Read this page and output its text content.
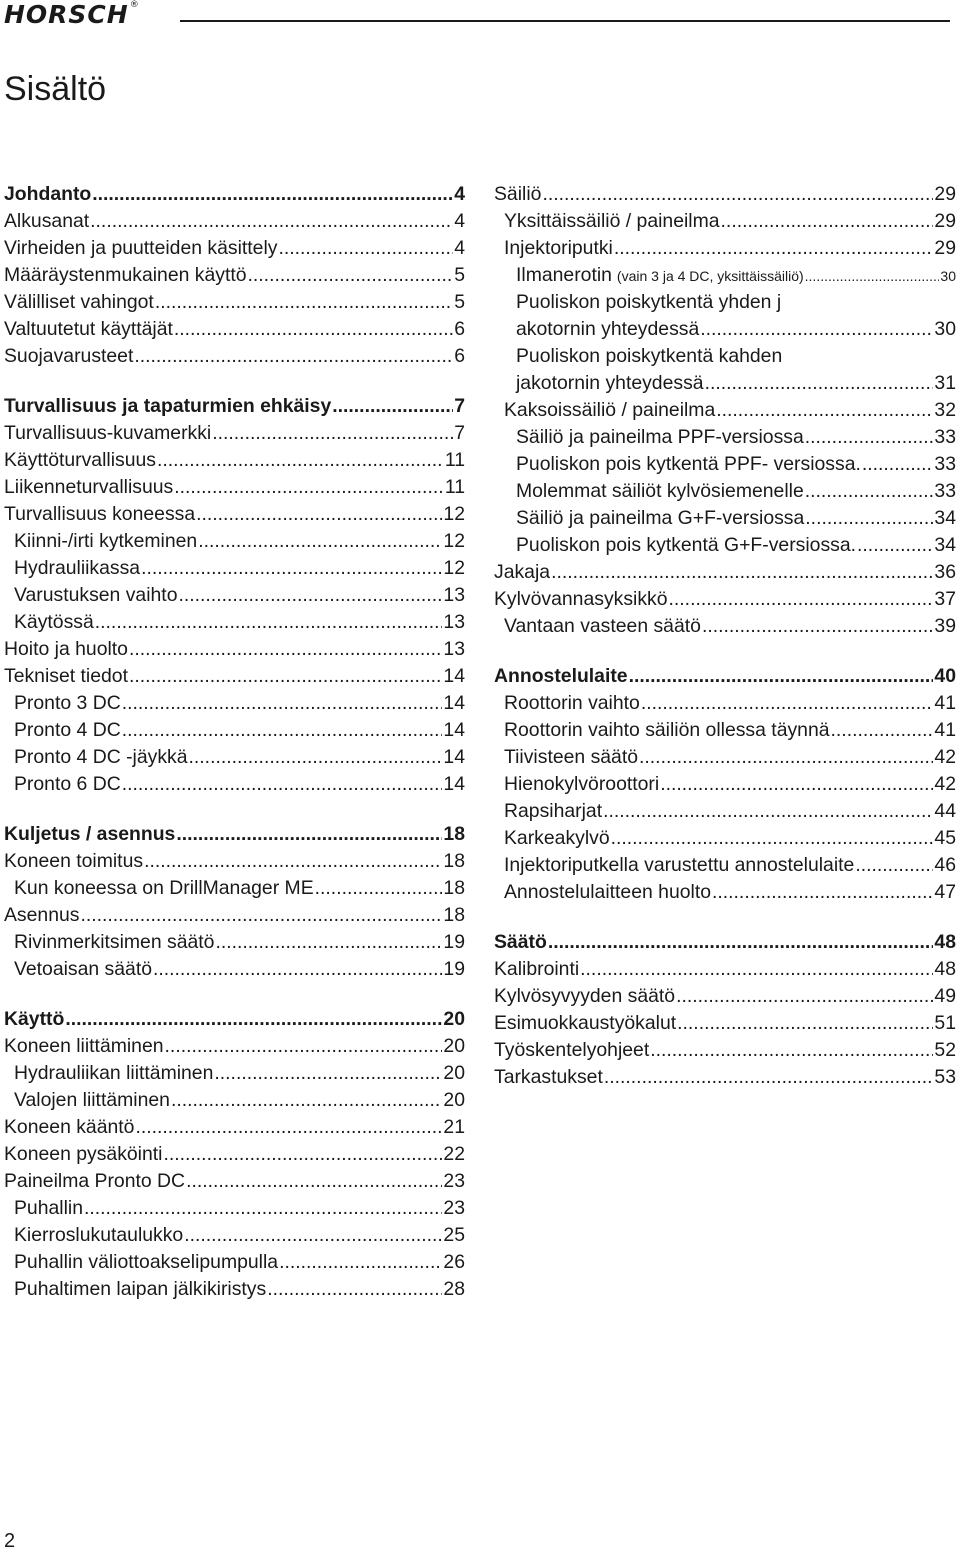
HORSCH®
Sisältö
Johdanto .....	4
Alkusanat .....	4
Virheiden ja puutteiden käsittely .....	4
Määräystenmukainen käyttö .....	5
Välilliset vahingot .....	5
Valtuutetut käyttäjät .....	6
Suojavarusteet .....	6
Turvallisuus ja tapaturmien ehkäisy .....	7
Turvallisuus-kuvamerkki .....	7
Käyttöturvallisuus .....	11
Liikenneturvallisuus .....	11
Turvallisuus koneessa .....	12
Kiinni-/irti kytkeminen .....	12
Hydrauliikassa .....	12
Varustuksen vaihto .....	13
Käytössä .....	13
Hoito ja huolto .....	13
Tekniset tiedot .....	14
Pronto 3 DC .....	14
Pronto 4 DC .....	14
Pronto 4 DC -jäykkä .....	14
Pronto 6 DC .....	14
Kuljetus / asennus .....	18
Koneen toimitus .....	18
Kun koneessa on DrillManager ME .....	18
Asennus .....	18
Rivinmerkitsimen säätö .....	19
Vetoaisan säätö .....	19
Käyttö .....	20
Koneen liittäminen .....	20
Hydrauliikan liittäminen .....	20
Valojen liittäminen .....	20
Koneen kääntö .....	21
Koneen pysäköinti .....	22
Paineilma Pronto DC .....	23
Puhallin .....	23
Kierroslukutaulukko .....	25
Puhallin väliottoakselipumpulla .....	26
Puhaltimen laipan jälkikiristys .....	28
Säiliö .....	29
Yksittäissäiliö / paineilma .....	29
Injektoriputki .....	29
Ilmanerotin (vain 3 ja 4 DC, yksittäissäiliö) .....	30
Puoliskon poiskytkentä yhden j
akotornin yhteydessä .....	30
Puoliskon poiskytkentä kahden
jakotornin yhteydessä .....	31
Kaksoissäiliö / paineilma .....	32
Säiliö ja paineilma PPF-versiossa .....	33
Puoliskon pois kytkentä PPF- versiossa. .....	33
Molemmat säiliöt kylvösiemenelle .....	33
Säiliö ja paineilma G+F-versiossa .....	34
Puoliskon pois kytkentä G+F-versiossa. .....	34
Jakaja .....	36
Kylvövannasyksikkö .....	37
Vantaan vasteen säätö .....	39
Annostelulaite .....	40
Roottorin vaihto .....	41
Roottorin vaihto säiliön ollessa täynnä .....	41
Tiivisteen säätö .....	42
Hienokylvöroottori .....	42
Rapsiharjat .....	44
Karkeakylvö .....	45
Injektoriputkella varustettu annostelulaite .....	46
Annostelulaitteen huolto .....	47
Säätö .....	48
Kalibrointi .....	48
Kylvösyvyyden säätö .....	49
Esimuokkaustyökalut .....	51
Työskentelyohjeet .....	52
Tarkastukset .....	53
2
